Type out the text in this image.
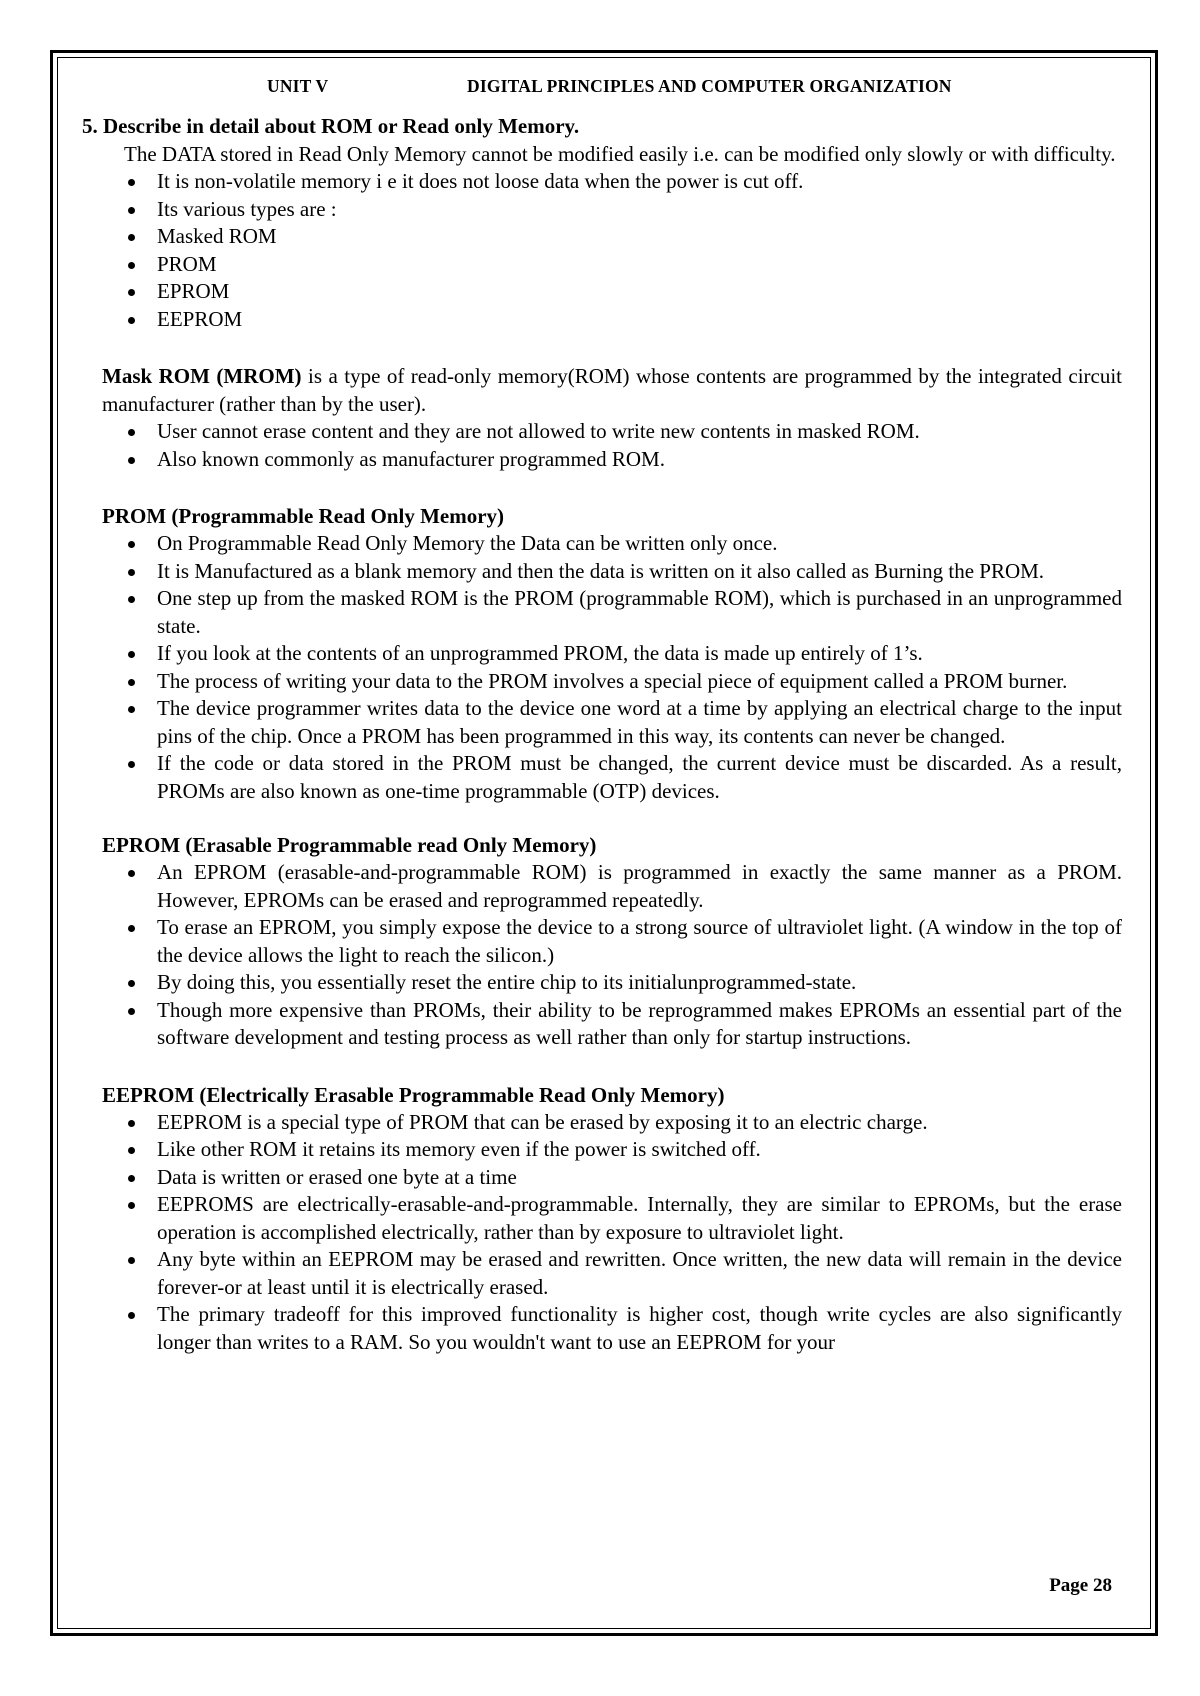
UNIT V	DIGITAL PRINCIPLES AND COMPUTER ORGANIZATION

5. Describe in detail about ROM or Read only Memory.

The DATA stored in Read Only Memory cannot be modified easily i.e. can be modified only slowly or with difficulty.

It is non-volatile memory i e it does not loose data when the power is cut off.
Its various types are :
Masked ROM
PROM
EPROM
EEPROM

Mask ROM (MROM) is a type of read-only memory(ROM) whose contents are programmed by the integrated circuit manufacturer (rather than by the user).

User cannot erase content and they are not allowed to write new contents in masked ROM.
Also known commonly as manufacturer programmed ROM.

PROM (Programmable Read Only Memory)

On Programmable Read Only Memory the Data can be written only once.
It is Manufactured as a blank memory and then the data is written on it also called as Burning the PROM.
One step up from the masked ROM is the PROM (programmable ROM), which is purchased in an unprogrammed state.
If you look at the contents of an unprogrammed PROM, the data is made up entirely of 1’s.
The process of writing your data to the PROM involves a special piece of equipment called a PROM burner.
The device programmer writes data to the device one word at a time by applying an electrical charge to the input pins of the chip. Once a PROM has been programmed in this way, its contents can never be changed.
If the code or data stored in the PROM must be changed, the current device must be discarded. As a result, PROMs are also known as one-time programmable (OTP) devices.

EPROM (Erasable Programmable read Only Memory)

An EPROM (erasable-and-programmable ROM) is programmed in exactly the same manner as a PROM. However, EPROMs can be erased and reprogrammed repeatedly.
To erase an EPROM, you simply expose the device to a strong source of ultraviolet light. (A window in the top of the device allows the light to reach the silicon.)
By doing this, you essentially reset the entire chip to its initialunprogrammed-state.
Though more expensive than PROMs, their ability to be reprogrammed makes EPROMs an essential part of the software development and testing process as well rather than only for startup instructions.

EEPROM (Electrically Erasable Programmable Read Only Memory)

EEPROM is a special type of PROM that can be erased by exposing it to an electric charge.
Like other ROM it retains its memory even if the power is switched off.
Data is written or erased one byte at a time
EEPROMS are electrically-erasable-and-programmable. Internally, they are similar to EPROMs, but the erase operation is accomplished electrically, rather than by exposure to ultraviolet light.
Any byte within an EEPROM may be erased and rewritten. Once written, the new data will remain in the device forever-or at least until it is electrically erased.
The primary tradeoff for this improved functionality is higher cost, though write cycles are also significantly longer than writes to a RAM. So you wouldn't want to use an EEPROM for your
Page 28
